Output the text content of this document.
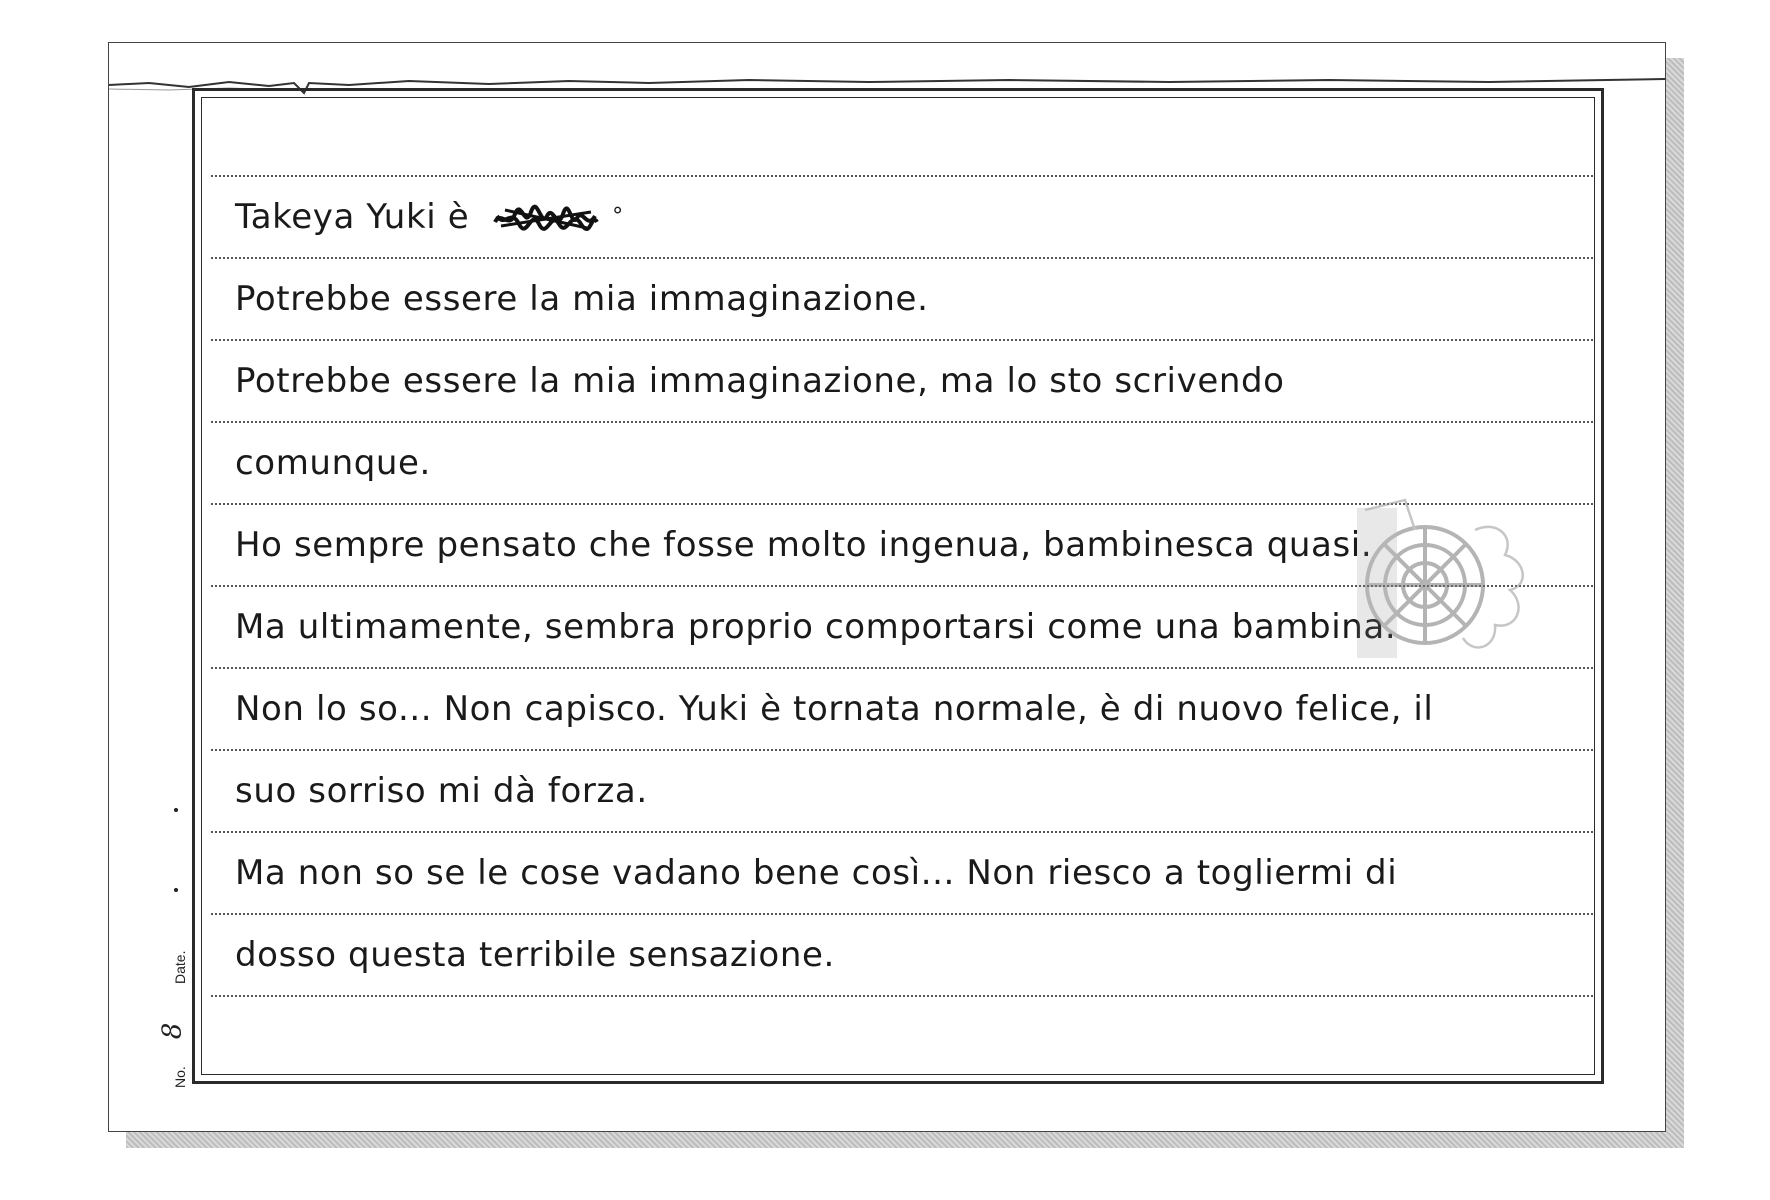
Takeya Yuki è	°
Potrebbe essere la mia immaginazione.
Potrebbe essere la mia immaginazione, ma lo sto scrivendo
comunque.
Ho sempre pensato che fosse molto ingenua, bambinesca quasi.
Ma ultimamente, sembra proprio comportarsi come una bambina.
Non lo so... Non capisco. Yuki è tornata normale, è di nuovo felice, il
suo sorriso mi dà forza.
Ma non so se le cose vadano bene così... Non riesco a togliermi di
dosso questa terribile sensazione.
Date.
No.
8
